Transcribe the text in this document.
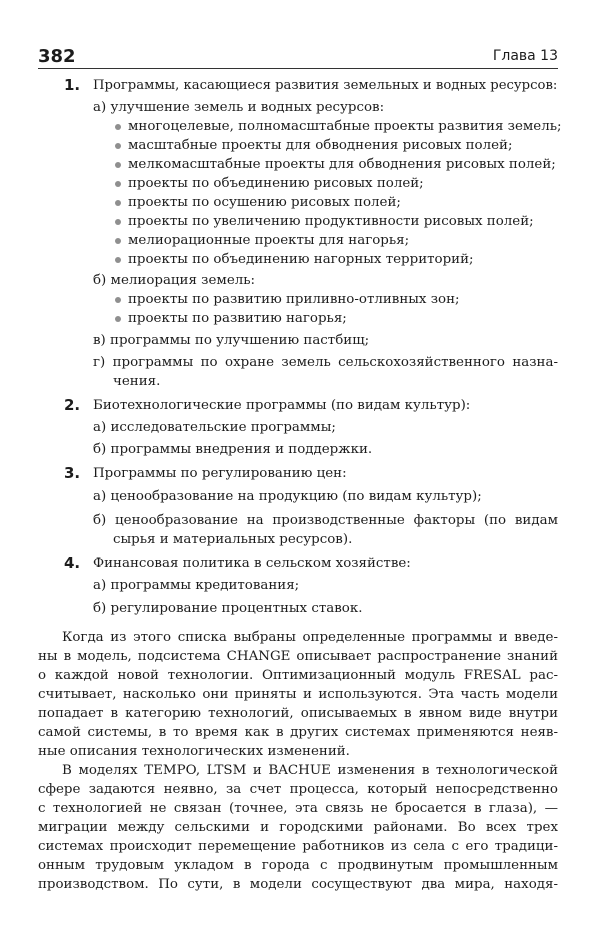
382	Глава 13
1. Программы, касающиеся развития земельных и водных ресурсов:
а) улучшение земель и водных ресурсов:
многоцелевые, полномасштабные проекты развития земель;
масштабные проекты для обводнения рисовых полей;
мелкомасштабные проекты для обводнения рисовых полей;
проекты по объединению рисовых полей;
проекты по осушению рисовых полей;
проекты по увеличению продуктивности рисовых полей;
мелиорационные проекты для нагорья;
проекты по объединению нагорных территорий;
б) мелиорация земель:
проекты по развитию приливно-отливных зон;
проекты по развитию нагорья;
в) программы по улучшению пастбищ;
г) программы по охране земель сельскохозяйственного назна-
чения.
2. Биотехнологические программы (по видам культур):
а) исследовательские программы;
б) программы внедрения и поддержки.
3. Программы по регулированию цен:
а) ценообразование на продукцию (по видам культур);
б) ценообразование на производственные факторы (по видам
сырья и материальных ресурсов).
4. Финансовая политика в сельском хозяйстве:
а) программы кредитования;
б) регулирование процентных ставок.
Когда из этого списка выбраны определенные программы и введе-
ны в модель, подсистема CHANGE описывает распространение знаний
о каждой новой технологии. Оптимизационный модуль FRESAL рас-
считывает, насколько они приняты и используются. Эта часть модели
попадает в категорию технологий, описываемых в явном виде внутри
самой системы, в то время как в других системах применяются неяв-
ные описания технологических изменений.
В моделях TEMPO, LTSM и BACHUE изменения в технологической
сфере задаются неявно, за счет процесса, который непосредственно
с технологией не связан (точнее, эта связь не бросается в глаза), —
миграции между сельскими и городскими районами. Во всех трех
системах происходит перемещение работников из села с его традици-
онным трудовым укладом в города с продвинутым промышленным
производством. По сути, в модели сосуществуют два мира, находя-
